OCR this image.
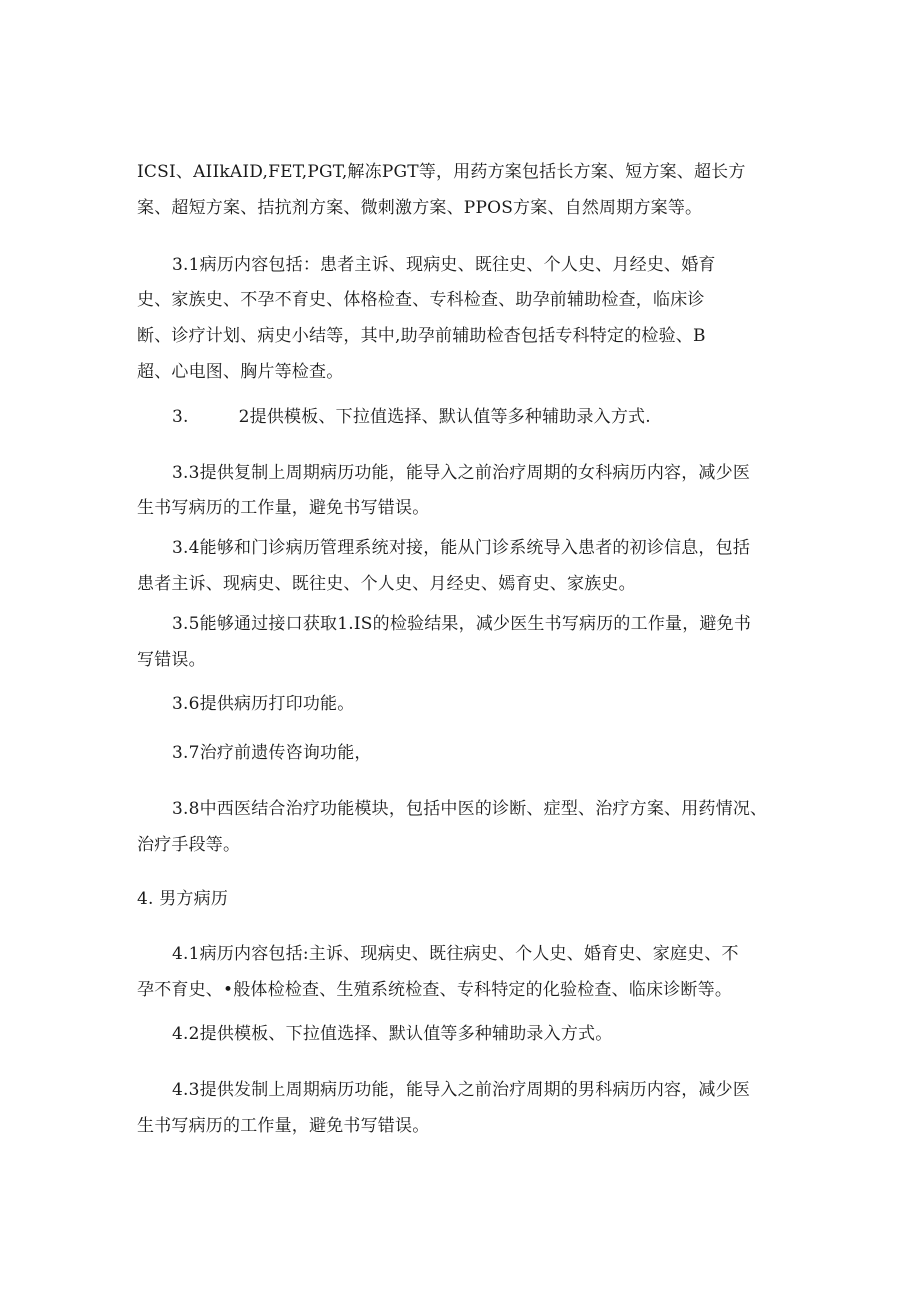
ICSI、AIIkAID,FET,PGT,解冻PGT等，用药方案包括长方案、短方案、超长方
案、超短方案、拮抗剂方案、微刺激方案、PPOS方案、自然周期方案等。
3.1病历内容包括：患者主诉、现病史、既往史、个人史、月经史、婚育
史、家族史、不孕不育史、体格检查、专科检查、助孕前辅助检查，临床诊
断、诊疗计划、病史小结等，其中,助孕前辅助检杳包括专科特定的检验、B
超、心电图、胸片等检查。
3.	2提供模板、下拉值选择、默认值等多种辅助录入方式.
3.3提供复制上周期病历功能，能导入之前治疗周期的女科病历内容，减少医
生书写病历的工作量，避免书写错误。
3.4能够和门诊病历管理系统对接，能从门诊系统导入患者的初诊信息，包括
患者主诉、现病史、既往史、个人史、月经史、嫣育史、家族史。
3.5能够通过接口获取1.IS的检验结果，减少医生书写病历的工作量，避免书
写错误。
3.6提供病历打印功能。
3.7治疗前遗传咨询功能，
3.8中西医结合治疗功能模块，包括中医的诊断、症型、治疗方案、用药情况、
治疗手段等。
4. 男方病历
4.1病历内容包括:主诉、现病史、既往病史、个人史、婚育史、家庭史、不
孕不育史、•般体检检查、生殖系统检查、专科特定的化验检查、临床诊断等。
4.2提供模板、下拉值选择、默认值等多种辅助录入方式。
4.3提供发制上周期病历功能，能导入之前治疗周期的男科病历内容，减少医
生书写病历的工作量，避免书写错误。
